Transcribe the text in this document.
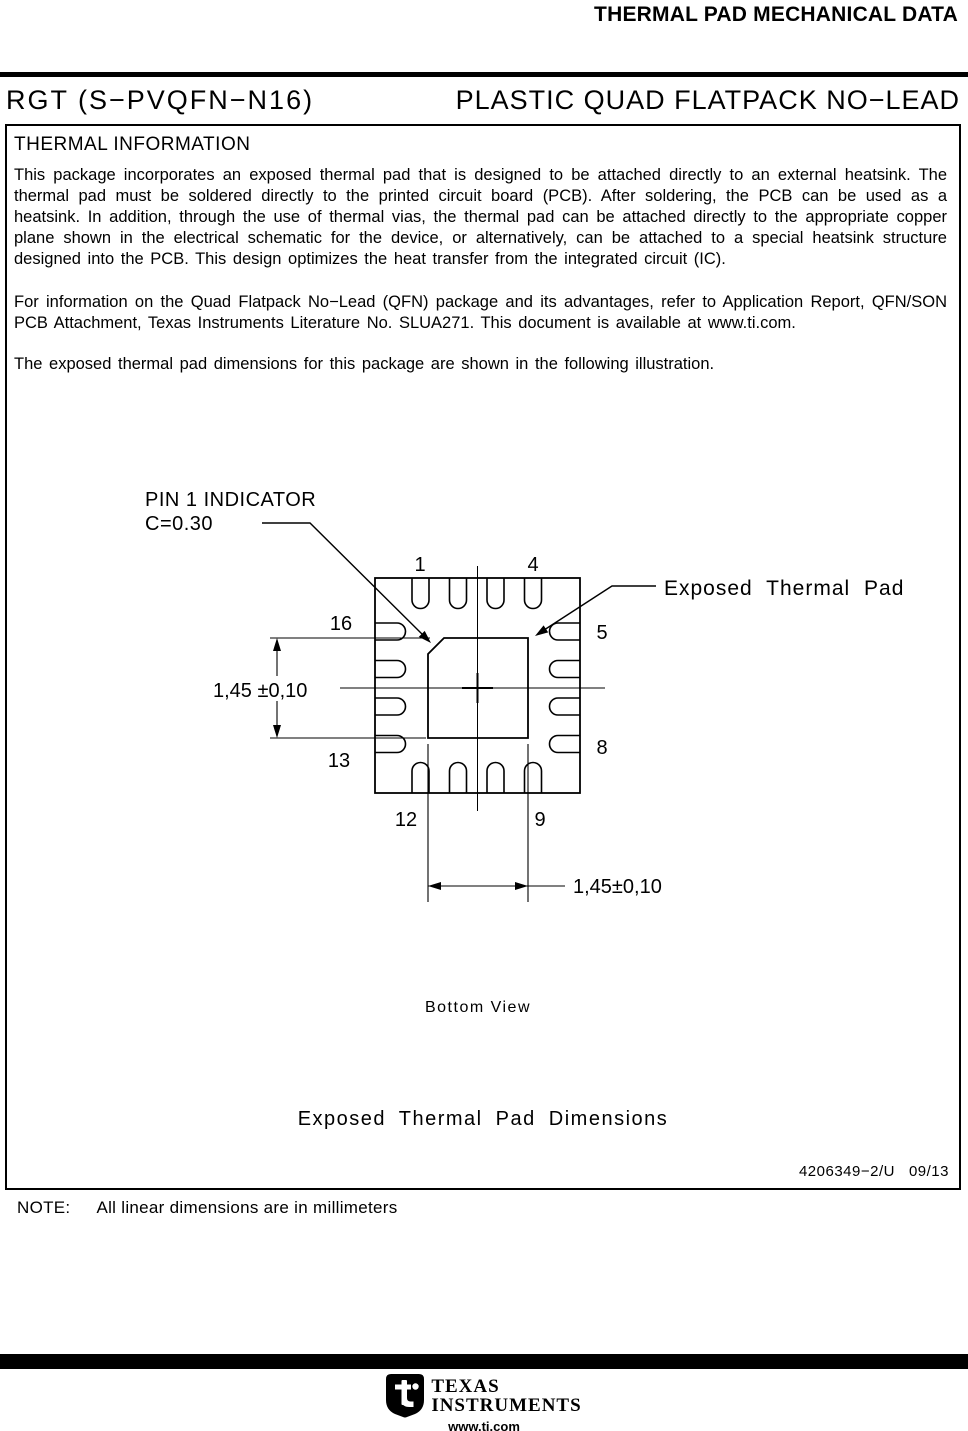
THERMAL PAD MECHANICAL DATA
RGT (S−PVQFN−N16)	PLASTIC QUAD FLATPACK NO−LEAD
THERMAL INFORMATION

This package incorporates an exposed thermal pad that is designed to be attached directly to an external heatsink. The thermal pad must be soldered directly to the printed circuit board (PCB). After soldering, the PCB can be used as a heatsink. In addition, through the use of thermal vias, the thermal pad can be attached directly to the appropriate copper plane shown in the electrical schematic for the device, or alternatively, can be attached to a special heatsink structure designed into the PCB. This design optimizes the heat transfer from the integrated circuit (IC).

For information on the Quad Flatpack No−Lead (QFN) package and its advantages, refer to Application Report, QFN/SON PCB Attachment, Texas Instruments Literature No. SLUA271. This document is available at www.ti.com.

The exposed thermal pad dimensions for this package are shown in the following illustration.

1,45 ±0,10
1,45±0,10
PIN 1 INDICATOR
C=0.30
Exposed Thermal Pad
1	4
16	5
13
8
12	9
Bottom View
Exposed Thermal Pad Dimensions
4206349−2/U 09/13
NOTE: All linear dimensions are in millimeters
TEXAS
INSTRUMENTS
www.ti.com
